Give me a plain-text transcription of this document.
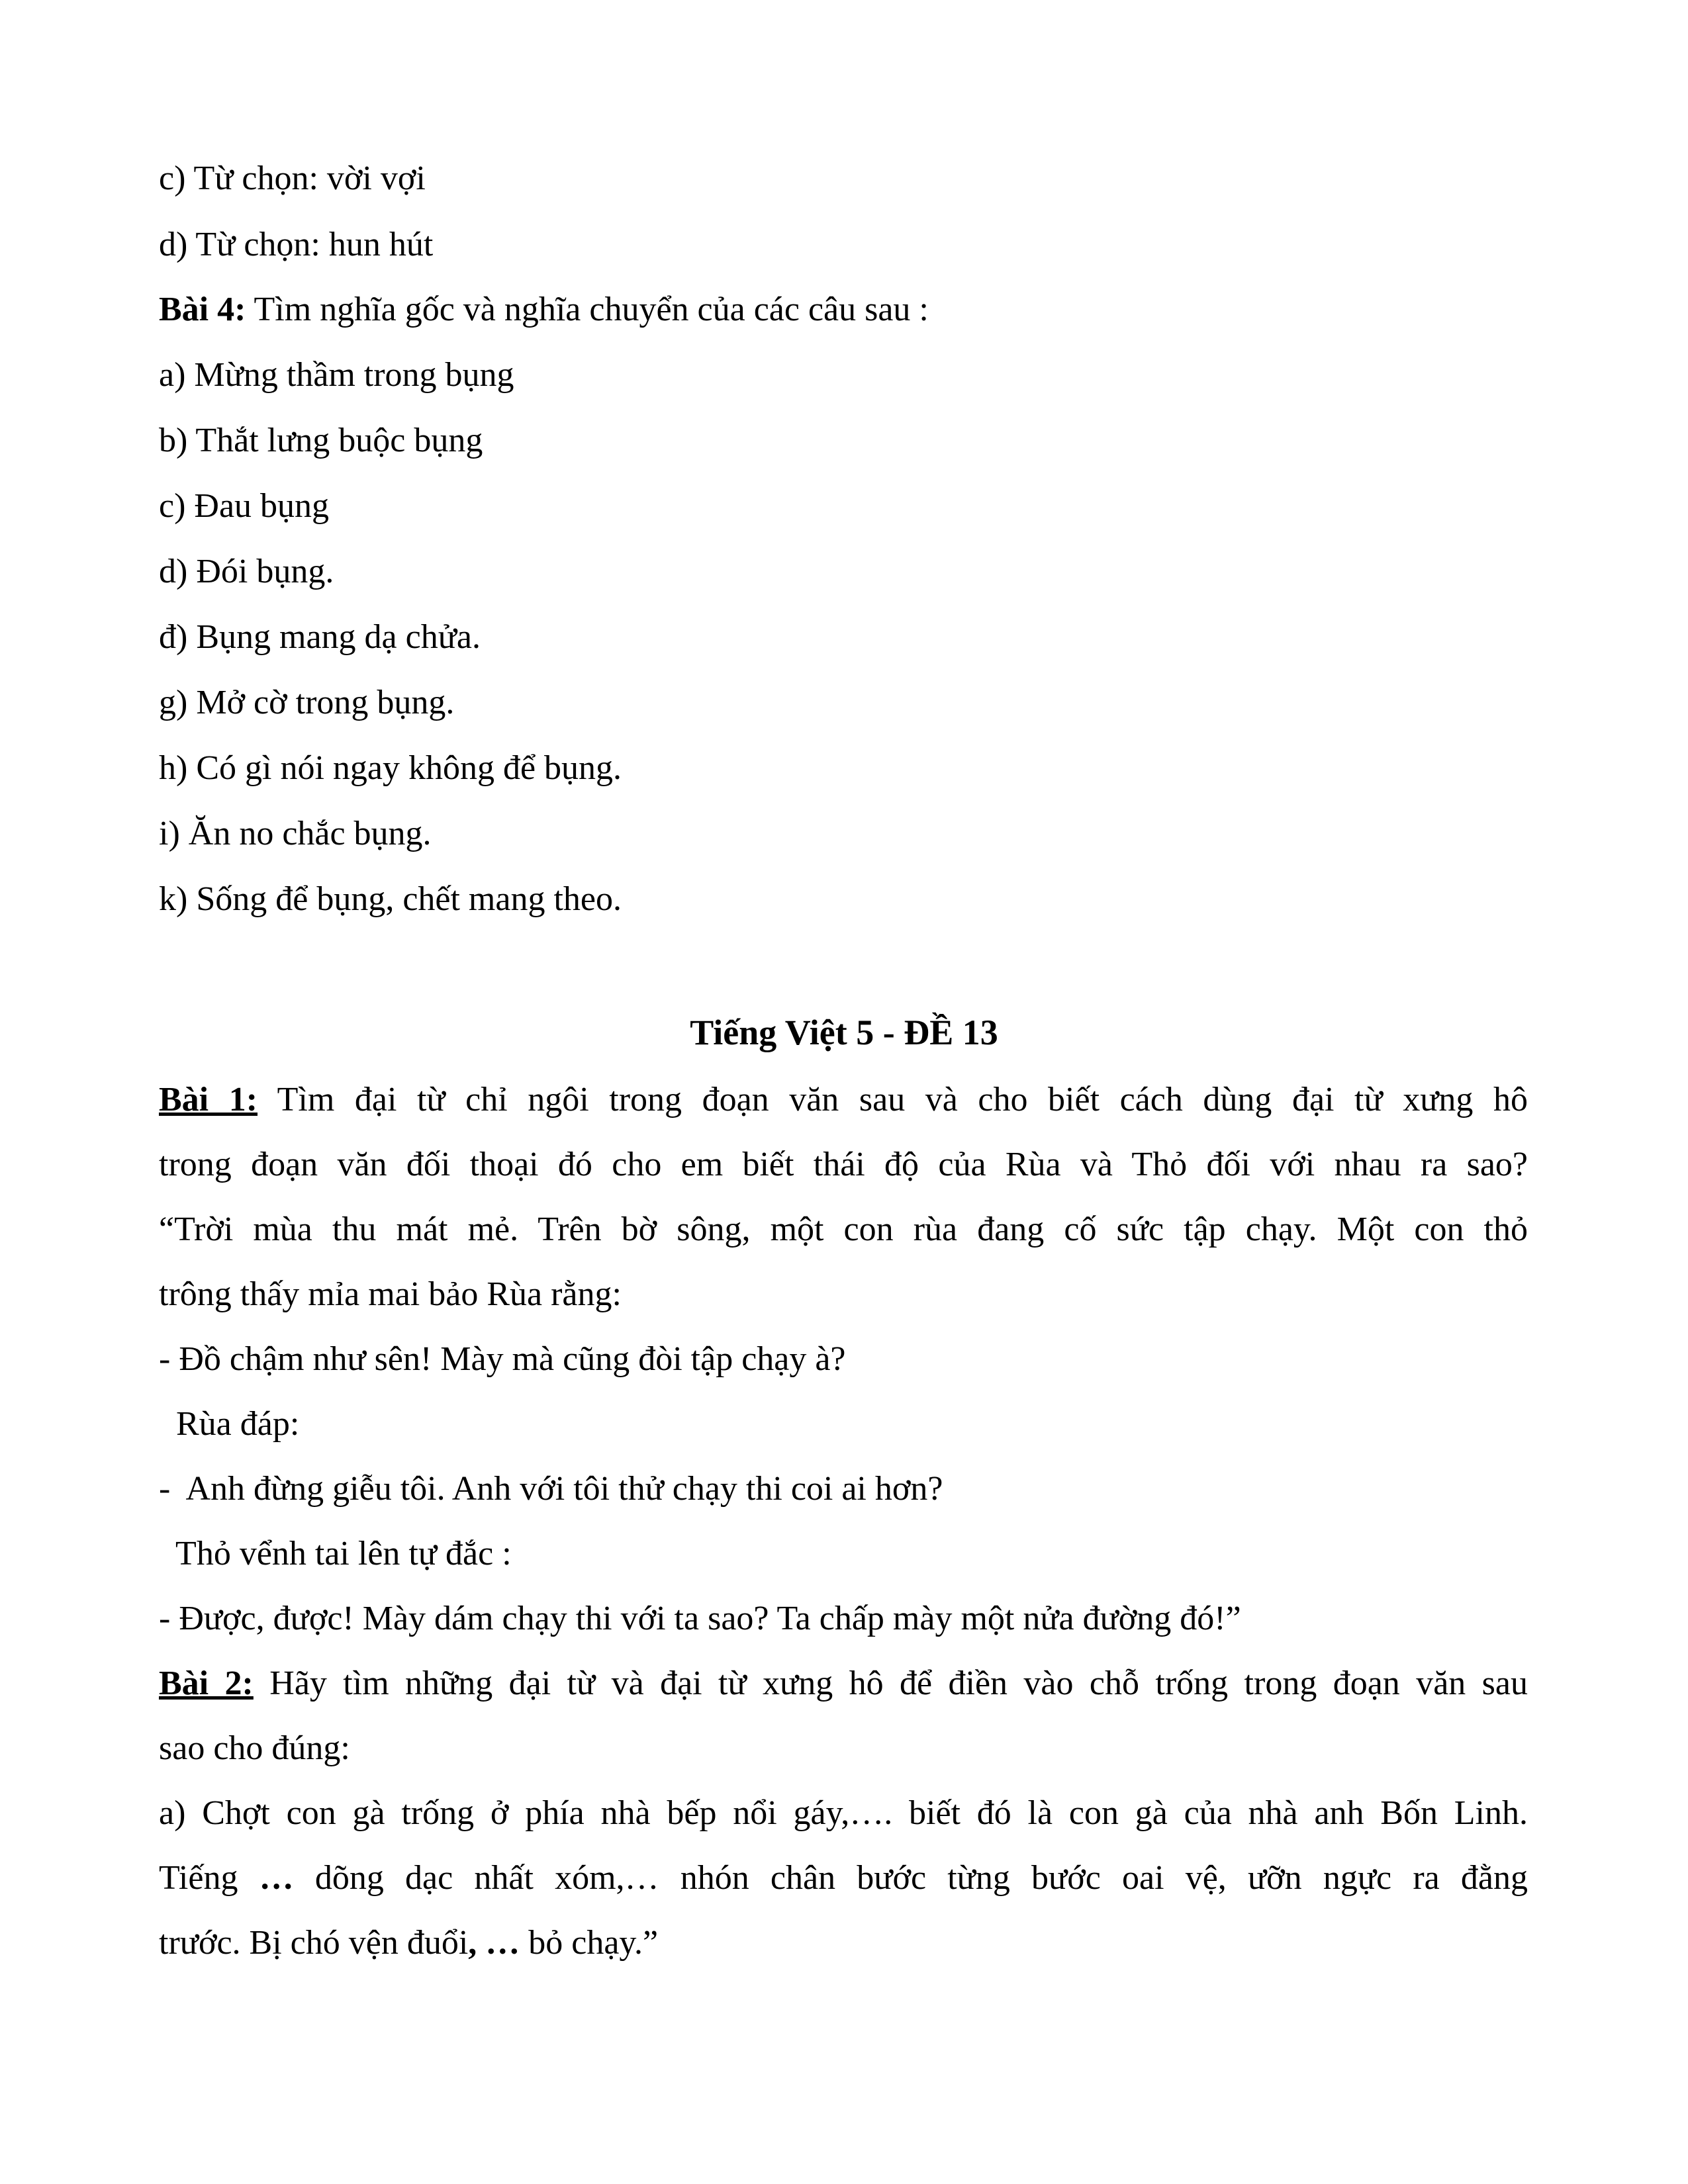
c) Từ chọn: vời vợi
d) Từ chọn: hun hút
Bài 4: Tìm nghĩa gốc và nghĩa chuyển của các câu sau :
a) Mừng thầm trong bụng
b) Thắt lưng buộc bụng
c) Đau bụng
d) Đói bụng.
đ) Bụng mang dạ chửa.
g) Mở cờ trong bụng.
h) Có gì nói ngay không để bụng.
i) Ăn no chắc bụng.
k) Sống để bụng, chết mang theo.
Tiếng Việt 5 - ĐỀ 13
Bài 1: Tìm đại từ chỉ ngôi trong đoạn văn sau và cho biết cách dùng đại từ xưng hô
trong đoạn văn đối thoại đó cho em biết thái độ của Rùa và Thỏ đối với nhau ra sao?
“Trời mùa thu mát mẻ. Trên bờ sông, một con rùa đang cố sức tập chạy. Một con thỏ
trông thấy mỉa mai bảo Rùa rằng:
- Đồ chậm như sên! Mày mà cũng đòi tập chạy à?
Rùa đáp:
-  Anh đừng giễu tôi. Anh với tôi thử chạy thi coi ai hơn?
Thỏ vểnh tai lên tự đắc :
- Được, được! Mày dám chạy thi với ta sao? Ta chấp mày một nửa đường đó!”
Bài 2: Hãy tìm những đại từ và đại từ xưng hô để điền vào chỗ trống trong đoạn văn sau
sao cho đúng:
a) Chợt con gà trống ở phía nhà bếp nổi gáy,…. biết đó là con gà của nhà anh Bốn Linh.
Tiếng … dõng dạc nhất xóm,… nhón chân bước từng bước oai vệ, ưỡn ngực ra đằng
trước. Bị chó vện đuổi, … bỏ chạy.”
